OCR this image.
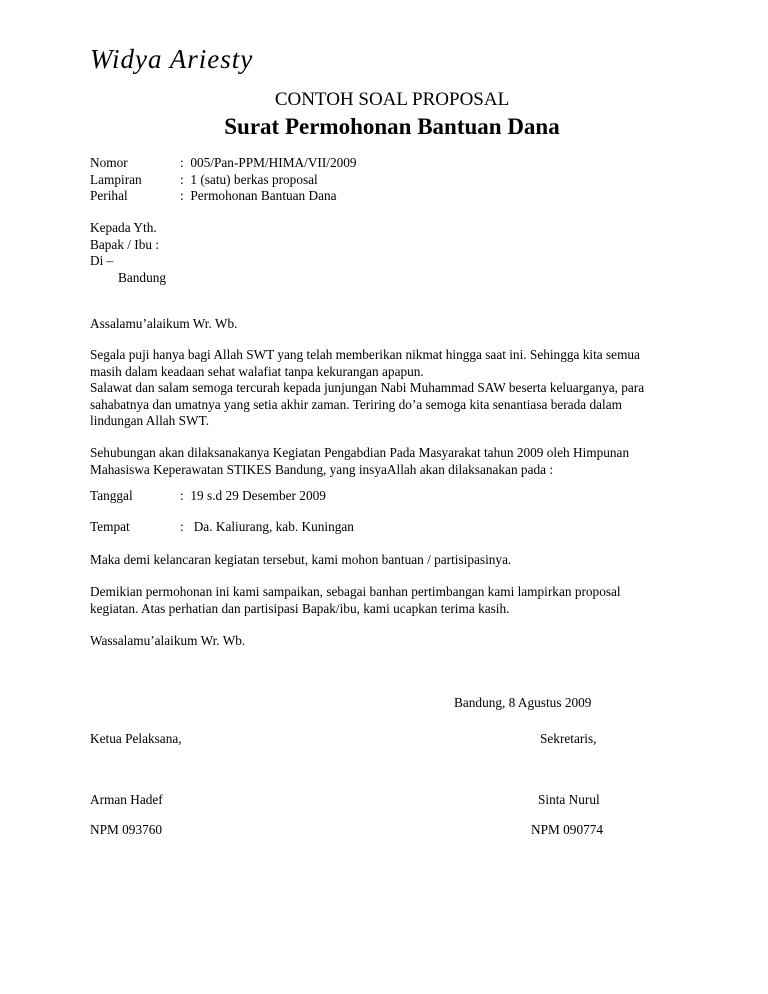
Widya Ariesty
CONTOH SOAL PROPOSAL
Surat Permohonan Bantuan Dana
Nomor	: 005/Pan-PPM/HIMA/VII/2009
Lampiran	: 1 (satu) berkas proposal
Perihal	: Permohonan Bantuan Dana
Kepada Yth.
Bapak / Ibu :
Di –
Bandung
Assalamu’alaikum Wr. Wb.
Segala puji hanya bagi Allah SWT yang telah memberikan nikmat hingga saat ini. Sehingga kita semua
masih dalam keadaan sehat walafiat tanpa kekurangan apapun.
Salawat dan salam semoga tercurah kepada junjungan Nabi Muhammad SAW beserta keluarganya, para
sahabatnya dan umatnya yang setia akhir zaman. Teriring do’a semoga kita senantiasa berada dalam
lindungan Allah SWT.
Sehubungan akan dilaksanakanya Kegiatan Pengabdian Pada Masyarakat tahun 2009 oleh Himpunan
Mahasiswa Keperawatan STIKES Bandung, yang insyaAllah akan dilaksanakan pada :
Tanggal	: 19 s.d 29 Desember 2009
Tempat	: Da. Kaliurang, kab. Kuningan
Maka demi kelancaran kegiatan tersebut, kami mohon bantuan / partisipasinya.
Demikian permohonan ini kami sampaikan, sebagai banhan pertimbangan kami lampirkan proposal
kegiatan. Atas perhatian dan partisipasi Bapak/ibu, kami ucapkan terima kasih.
Wassalamu’alaikum Wr. Wb.
Bandung, 8 Agustus 2009
Ketua Pelaksana,	Sekretaris,
Arman Hadef	Sinta Nurul
NPM 093760	NPM 090774
